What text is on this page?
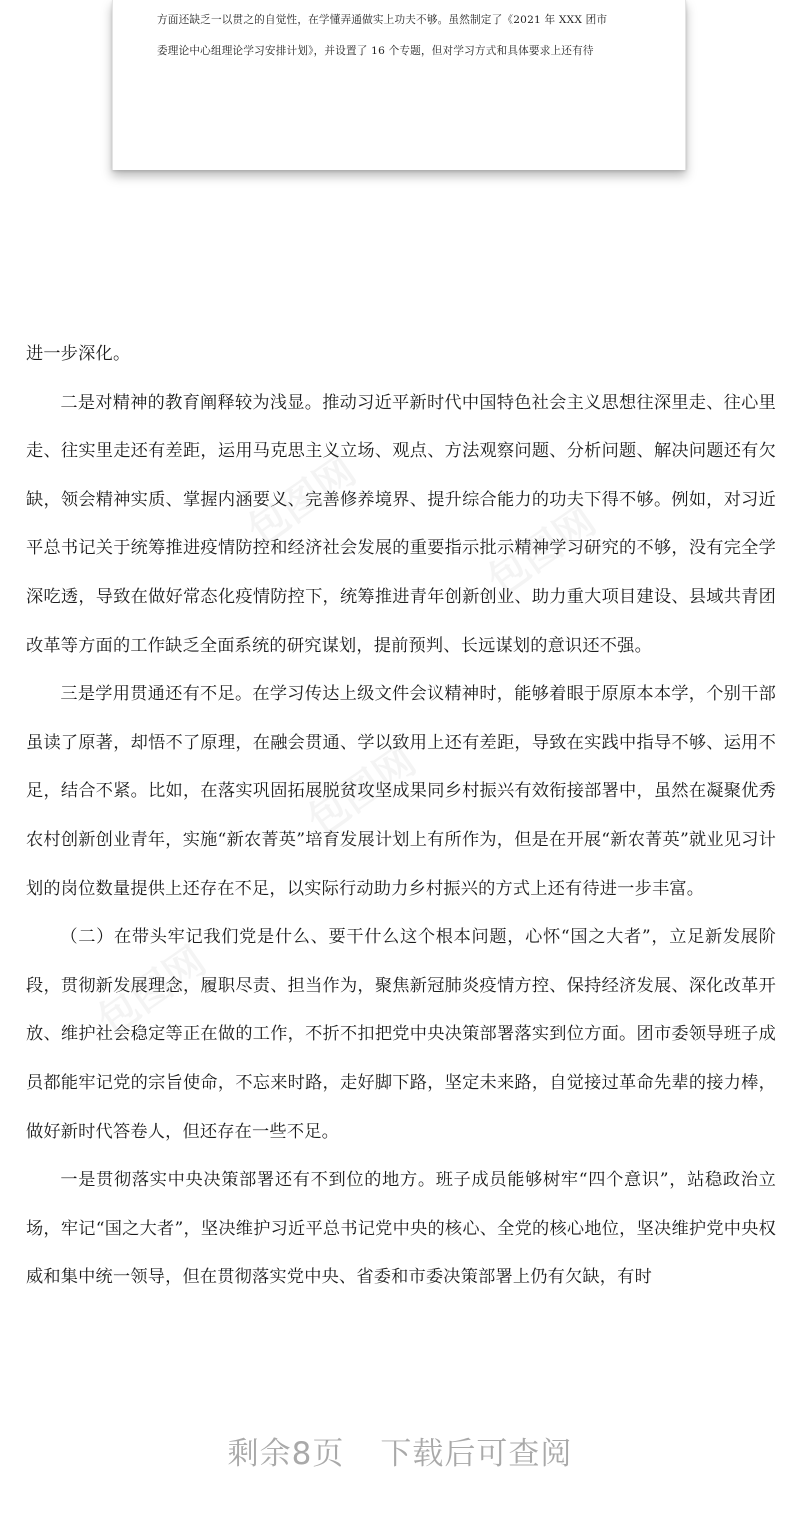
方面还缺乏一以贯之的自觉性，在学懂弄通做实上功夫不够。虽然制定了《2021 年 XXX 团市
委理论中心组理论学习安排计划》，并设置了 16 个专题，但对学习方式和具体要求上还有待

进一步深化。

二是对精神的教育阐释较为浅显。推动习近平新时代中国特色社会主义思想往深里走、往心里走、往实里走还有差距，运用马克思主义立场、观点、方法观察问题、分析问题、解决问题还有欠缺，领会精神实质、掌握内涵要义、完善修养境界、提升综合能力的功夫下得不够。例如，对习近平总书记关于统筹推进疫情防控和经济社会发展的重要指示批示精神学习研究的不够，没有完全学深吃透，导致在做好常态化疫情防控下，统筹推进青年创新创业、助力重大项目建设、县域共青团改革等方面的工作缺乏全面系统的研究谋划，提前预判、长远谋划的意识还不强。

三是学用贯通还有不足。在学习传达上级文件会议精神时，能够着眼于原原本本学，个别干部虽读了原著，却悟不了原理，在融会贯通、学以致用上还有差距，导致在实践中指导不够、运用不足，结合不紧。比如，在落实巩固拓展脱贫攻坚成果同乡村振兴有效衔接部署中，虽然在凝聚优秀农村创新创业青年，实施“新农菁英”培育发展计划上有所作为，但是在开展“新农菁英”就业见习计划的岗位数量提供上还存在不足，以实际行动助力乡村振兴的方式上还有待进一步丰富。

（二）在带头牢记我们党是什么、要干什么这个根本问题，心怀“国之大者”，立足新发展阶段，贯彻新发展理念，履职尽责、担当作为，聚焦新冠肺炎疫情方控、保持经济发展、深化改革开放、维护社会稳定等正在做的工作，不折不扣把党中央决策部署落实到位方面。团市委领导班子成员都能牢记党的宗旨使命，不忘来时路，走好脚下路，坚定未来路，自觉接过革命先辈的接力棒，做好新时代答卷人，但还存在一些不足。

一是贯彻落实中央决策部署还有不到位的地方。班子成员能够树牢“四个意识”，站稳政治立场，牢记“国之大者”，坚决维护习近平总书记党中央的核心、全党的核心地位，坚决维护党中央权威和集中统一领导，但在贯彻落实党中央、省委和市委决策部署上仍有欠缺，有时

剩余8页 下载后可查阅
